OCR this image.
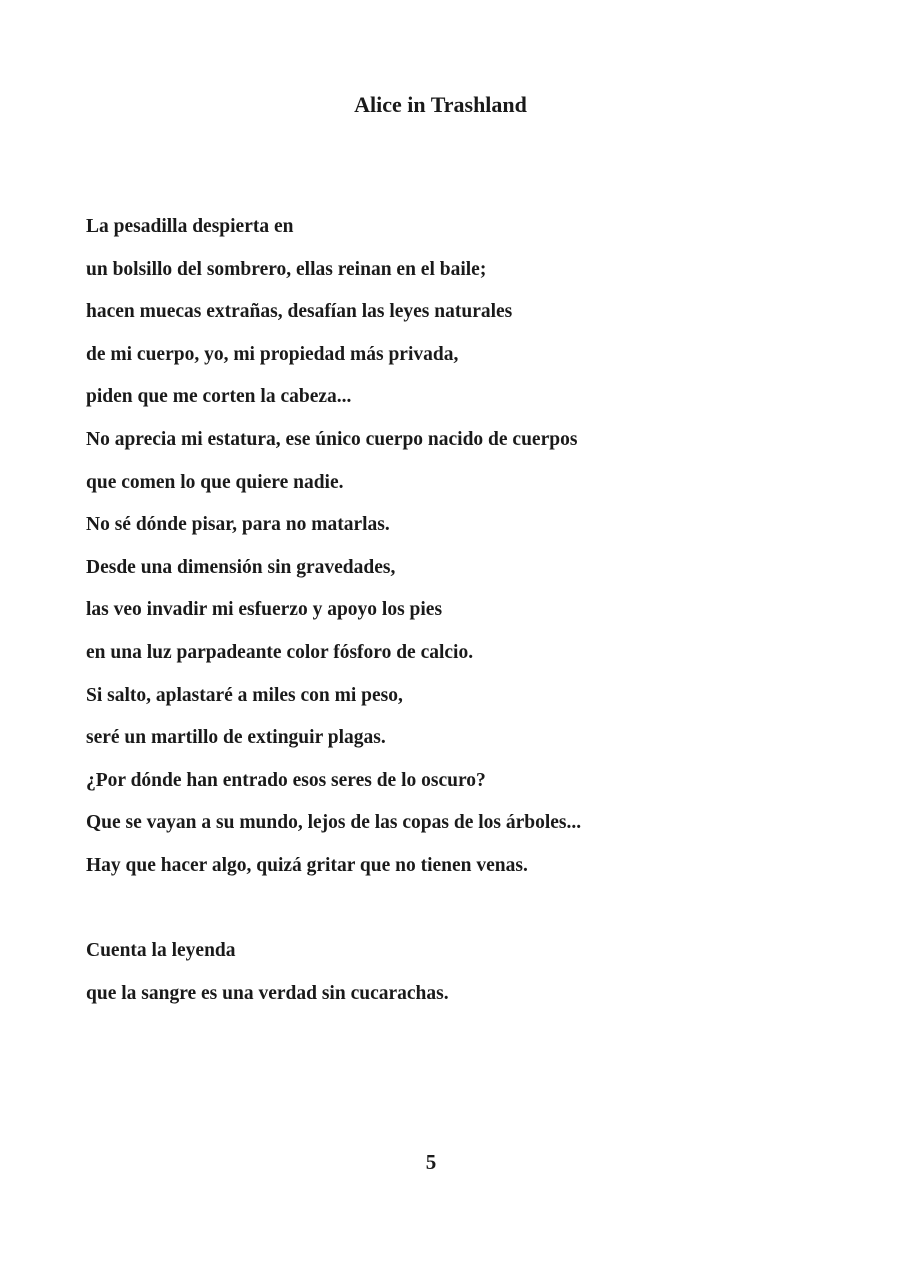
Alice in Trashland
La pesadilla despierta en
un bolsillo del sombrero, ellas reinan en el baile;
hacen muecas extrañas, desafían las leyes naturales
de mi cuerpo, yo, mi propiedad más privada,
piden que me corten la cabeza...
No aprecia mi estatura, ese único cuerpo nacido de cuerpos
que comen lo que quiere nadie.
No sé dónde pisar, para no matarlas.
Desde una dimensión sin gravedades,
las veo invadir mi esfuerzo y apoyo los pies
en una luz parpadeante color fósforo de calcio.
Si salto, aplastaré a miles con mi peso,
seré un martillo de extinguir plagas.
¿Por dónde han entrado esos seres de lo oscuro?
Que se vayan a su mundo, lejos de las copas de los árboles...
Hay que hacer algo, quizá gritar que no tienen venas.
Cuenta la leyenda
que la sangre es una verdad sin cucarachas.
5
